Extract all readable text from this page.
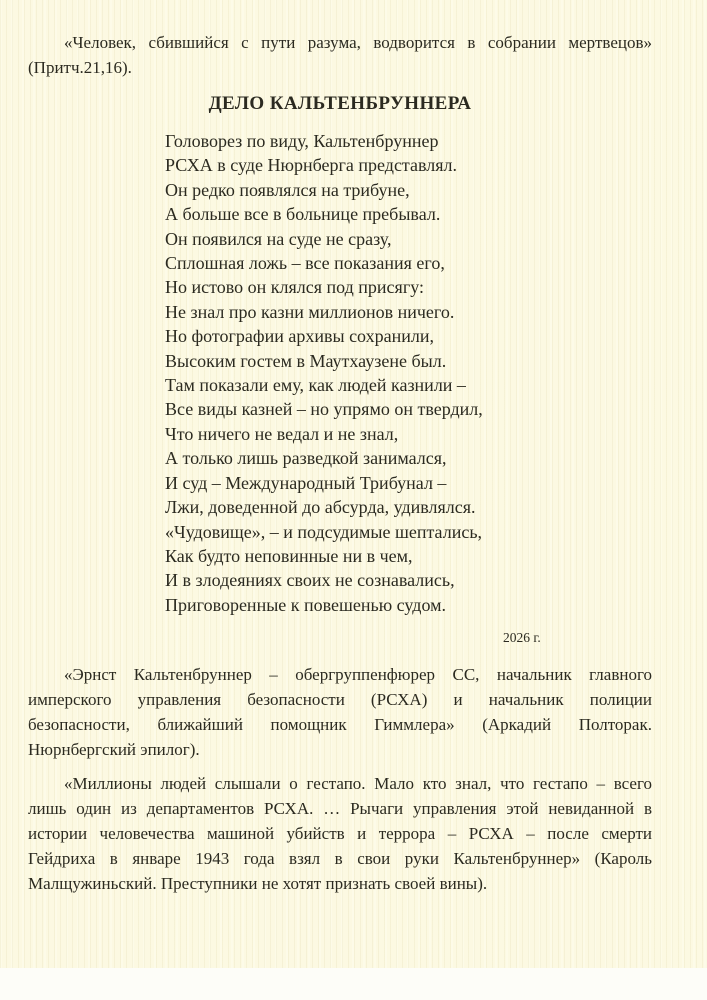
«Человек, сбившийся с пути разума, водворится в собрании мертвецов»
(Притч.21,16).
ДЕЛО КАЛЬТЕНБРУННЕРА
Головорез по виду, Кальтенбруннер
РСХА в суде Нюрнберга представлял.
Он редко появлялся на трибуне,
А больше все в больнице пребывал.
Он появился на суде не сразу,
Сплошная ложь – все показания его,
Но истово он клялся под присягу:
Не знал про казни миллионов ничего.
Но фотографии архивы сохранили,
Высоким гостем в Маутхаузене был.
Там показали ему, как людей казнили –
Все виды казней – но упрямо он твердил,
Что ничего не ведал и не знал,
А только лишь разведкой занимался,
И суд – Международный Трибунал –
Лжи, доведенной до абсурда, удивлялся.
«Чудовище», – и подсудимые шептались,
Как будто неповинные ни в чем,
И в злодеяниях своих не сознавались,
Приговоренные к повешенью судом.
2026 г.
«Эрнст Кальтенбруннер – обергруппенфюрер СС, начальник главного
имперского управления безопасности (РСХА) и начальник полиции
безопасности, ближайший помощник Гиммлера» (Аркадий Полторак.
Нюрнбергский эпилог).
«Миллионы людей слышали о гестапо. Мало кто знал, что гестапо – всего
лишь один из департаментов РСХА. … Рычаги управления этой невиданной в
истории человечества машиной убийств и террора – РСХА – после смерти
Гейдриха в январе 1943 года взял в свои руки Кальтенбруннер» (Кароль
Малщужиньский. Преступники не хотят признать своей вины).
